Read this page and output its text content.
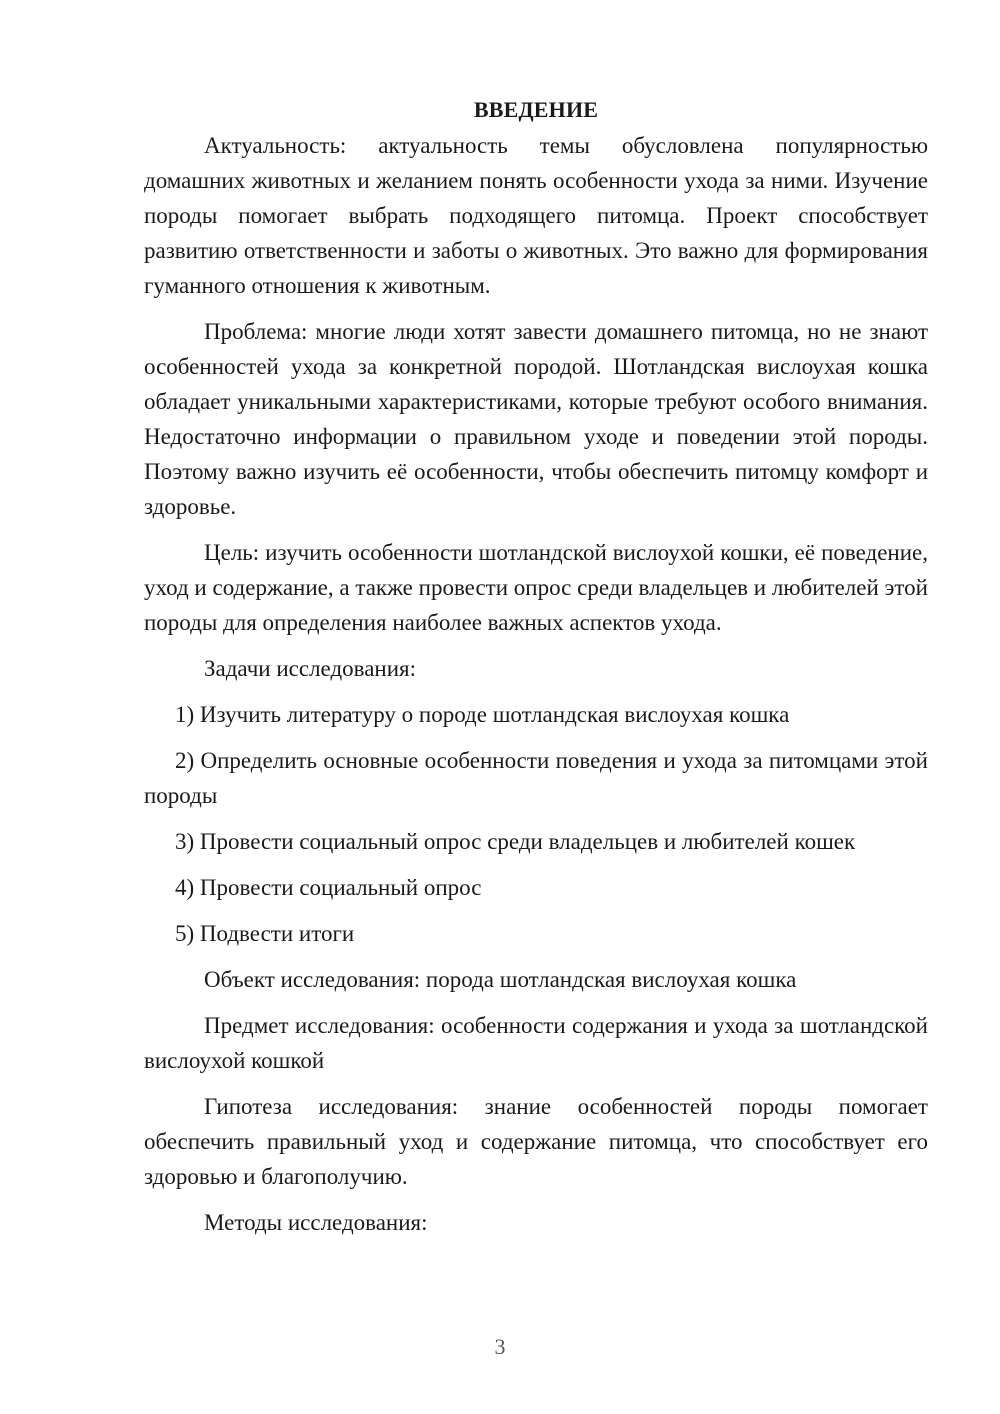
ВВЕДЕНИЕ

Актуальность: актуальность темы обусловлена популярностью домашних животных и желанием понять особенности ухода за ними. Изучение породы помогает выбрать подходящего питомца. Проект способствует развитию ответственности и заботы о животных. Это важно для формирования гуманного отношения к животным.

Проблема: многие люди хотят завести домашнего питомца, но не знают особенностей ухода за конкретной породой. Шотландская вислоухая кошка обладает уникальными характеристиками, которые требуют особого внимания. Недостаточно информации о правильном уходе и поведении этой породы. Поэтому важно изучить её особенности, чтобы обеспечить питомцу комфорт и здоровье.

Цель: изучить особенности шотландской вислоухой кошки, её поведение, уход и содержание, а также провести опрос среди владельцев и любителей этой породы для определения наиболее важных аспектов ухода.

Задачи исследования:

1) Изучить литературу о породе шотландская вислоухая кошка

2) Определить основные особенности поведения и ухода за питомцами этой породы

3) Провести социальный опрос среди владельцев и любителей кошек

4) Провести социальный опрос

5) Подвести итоги

Объект исследования: порода шотландская вислоухая кошка

Предмет исследования: особенности содержания и ухода за шотландской вислоухой кошкой

Гипотеза исследования: знание особенностей породы помогает обеспечить правильный уход и содержание питомца, что способствует его здоровью и благополучию.

Методы исследования:

3
